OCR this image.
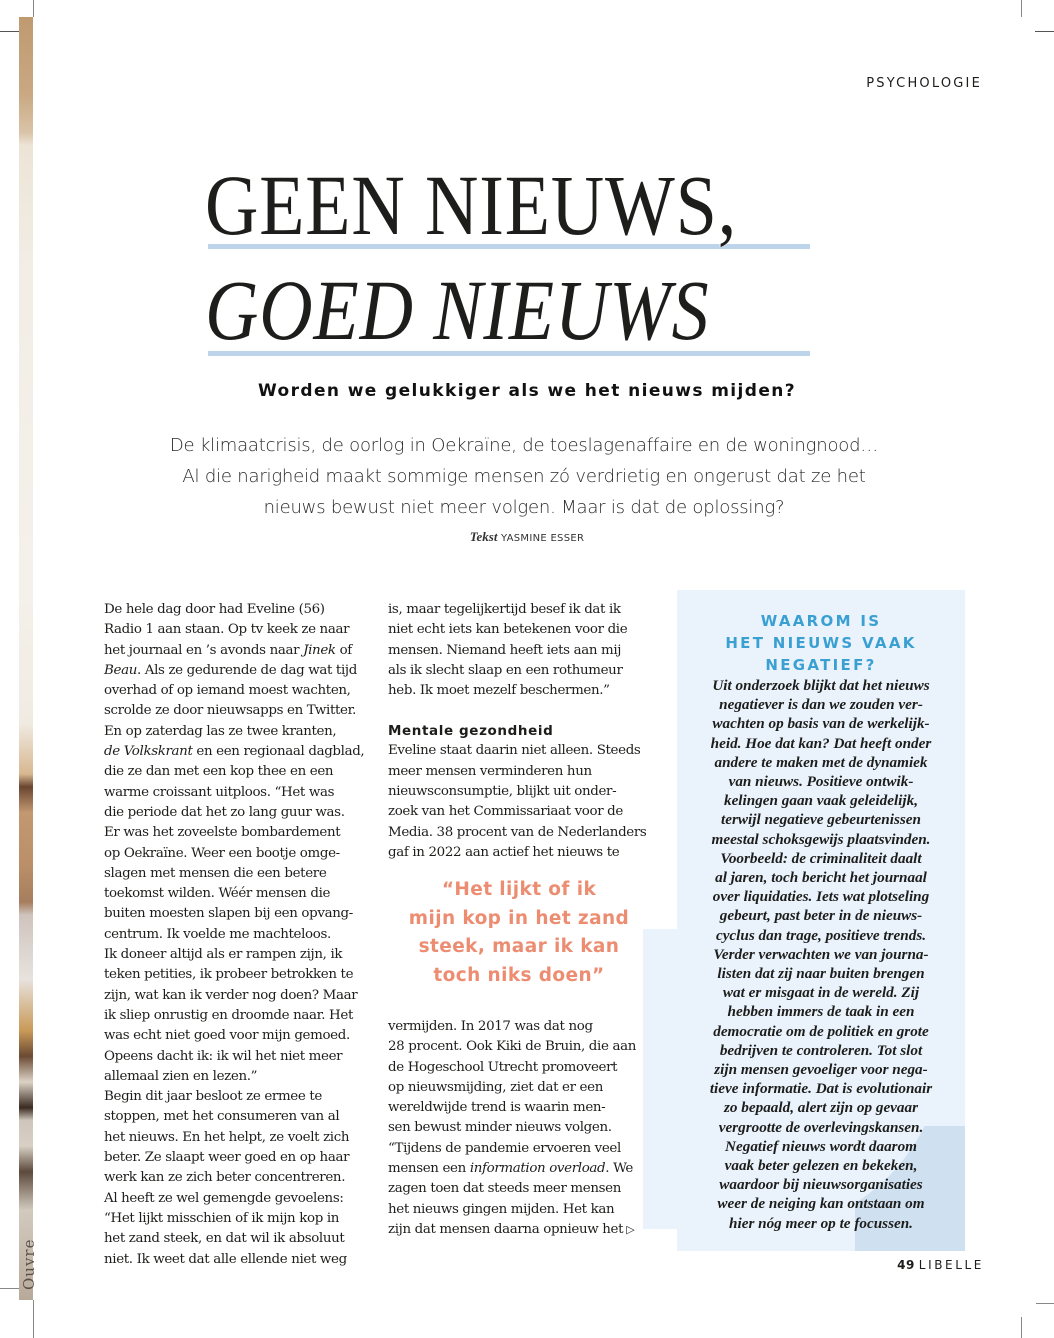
Ouvre
PSYCHOLOGIE
GEEN NIEUWS,
GOED NIEUWS
Worden we gelukkiger als we het nieuws mijden?
De klimaatcrisis, de oorlog in Oekraïne, de toeslagenaffaire en de woningnood…
Al die narigheid maakt sommige mensen zó verdrietig en ongerust dat ze het
nieuws bewust niet meer volgen. Maar is dat de oplossing?
Tekst YASMINE ESSER

De hele dag door had Eveline (56)

Radio 1 aan staan. Op tv keek ze naar

het journaal en ’s avonds naar Jinek of

Beau. Als ze gedurende de dag wat tijd

overhad of op iemand moest wachten,

scrolde ze door nieuwsapps en Twitter.

En op zaterdag las ze twee kranten,

de Volkskrant en een regionaal dagblad,

die ze dan met een kop thee en een

warme croissant uitploos. “Het was

die periode dat het zo lang guur was.

Er was het zoveelste bombardement

op Oekraïne. Weer een bootje omge-

slagen met mensen die een betere

toekomst wilden. Wéér mensen die

buiten moesten slapen bij een opvang-

centrum. Ik voelde me machteloos.

Ik doneer altijd als er rampen zijn, ik

teken petities, ik probeer betrokken te

zijn, wat kan ik verder nog doen? Maar

ik sliep onrustig en droomde naar. Het

was echt niet goed voor mijn gemoed.

Opeens dacht ik: ik wil het niet meer

allemaal zien en lezen.”

Begin dit jaar besloot ze ermee te

stoppen, met het consumeren van al

het nieuws. En het helpt, ze voelt zich

beter. Ze slaapt weer goed en op haar

werk kan ze zich beter concentreren.

Al heeft ze wel gemengde gevoelens:

“Het lijkt misschien of ik mijn kop in

het zand steek, en dat wil ik absoluut

niet. Ik weet dat alle ellende niet weg

is, maar tegelijkertijd besef ik dat ik

niet echt iets kan betekenen voor die

mensen. Niemand heeft iets aan mij

als ik slecht slaap en een rothumeur

heb. Ik moet mezelf beschermen.”

Mentale gezondheid

Eveline staat daarin niet alleen. Steeds

meer mensen verminderen hun

nieuwsconsumptie, blijkt uit onder-

zoek van het Commissariaat voor de

Media. 38 procent van de Nederlanders

gaf in 2022 aan actief het nieuws te

“Het lijkt of ik

mijn kop in het zand

steek, maar ik kan

toch niks doen”

vermijden. In 2017 was dat nog

28 procent. Ook Kiki de Bruin, die aan

de Hogeschool Utrecht promoveert

op nieuwsmijding, ziet dat er een

wereldwijde trend is waarin men-

sen bewust minder nieuws volgen.

“Tijdens de pandemie ervoeren veel

mensen een information overload. We

zagen toen dat steeds meer mensen

het nieuws gingen mijden. Het kan

zijn dat mensen daarna opnieuw het ▷

WAAROM IS

HET NIEUWS VAAK

NEGATIEF?

Uit onderzoek blijkt dat het nieuws

negatiever is dan we zouden ver-

wachten op basis van de werkelijk-

heid. Hoe dat kan? Dat heeft onder

andere te maken met de dynamiek

van nieuws. Positieve ontwik-

kelingen gaan vaak geleidelijk,

terwijl negatieve gebeurtenissen

meestal schoksgewijs plaatsvinden.

Voorbeeld: de criminaliteit daalt

al jaren, toch bericht het journaal

over liquidaties. Iets wat plotseling

gebeurt, past beter in de nieuws-

cyclus dan trage, positieve trends.

Verder verwachten we van journa-

listen dat zij naar buiten brengen

wat er misgaat in de wereld. Zij

hebben immers de taak in een

democratie om de politiek en grote

bedrijven te controleren. Tot slot

zijn mensen gevoeliger voor nega-

tieve informatie. Dat is evolutionair

zo bepaald, alert zijn op gevaar

vergrootte de overlevingskansen.

Negatief nieuws wordt daarom

vaak beter gelezen en bekeken,

waardoor bij nieuwsorganisaties

weer de neiging kan ontstaan om

hier nóg meer op te focussen.

49 LIBELLE
